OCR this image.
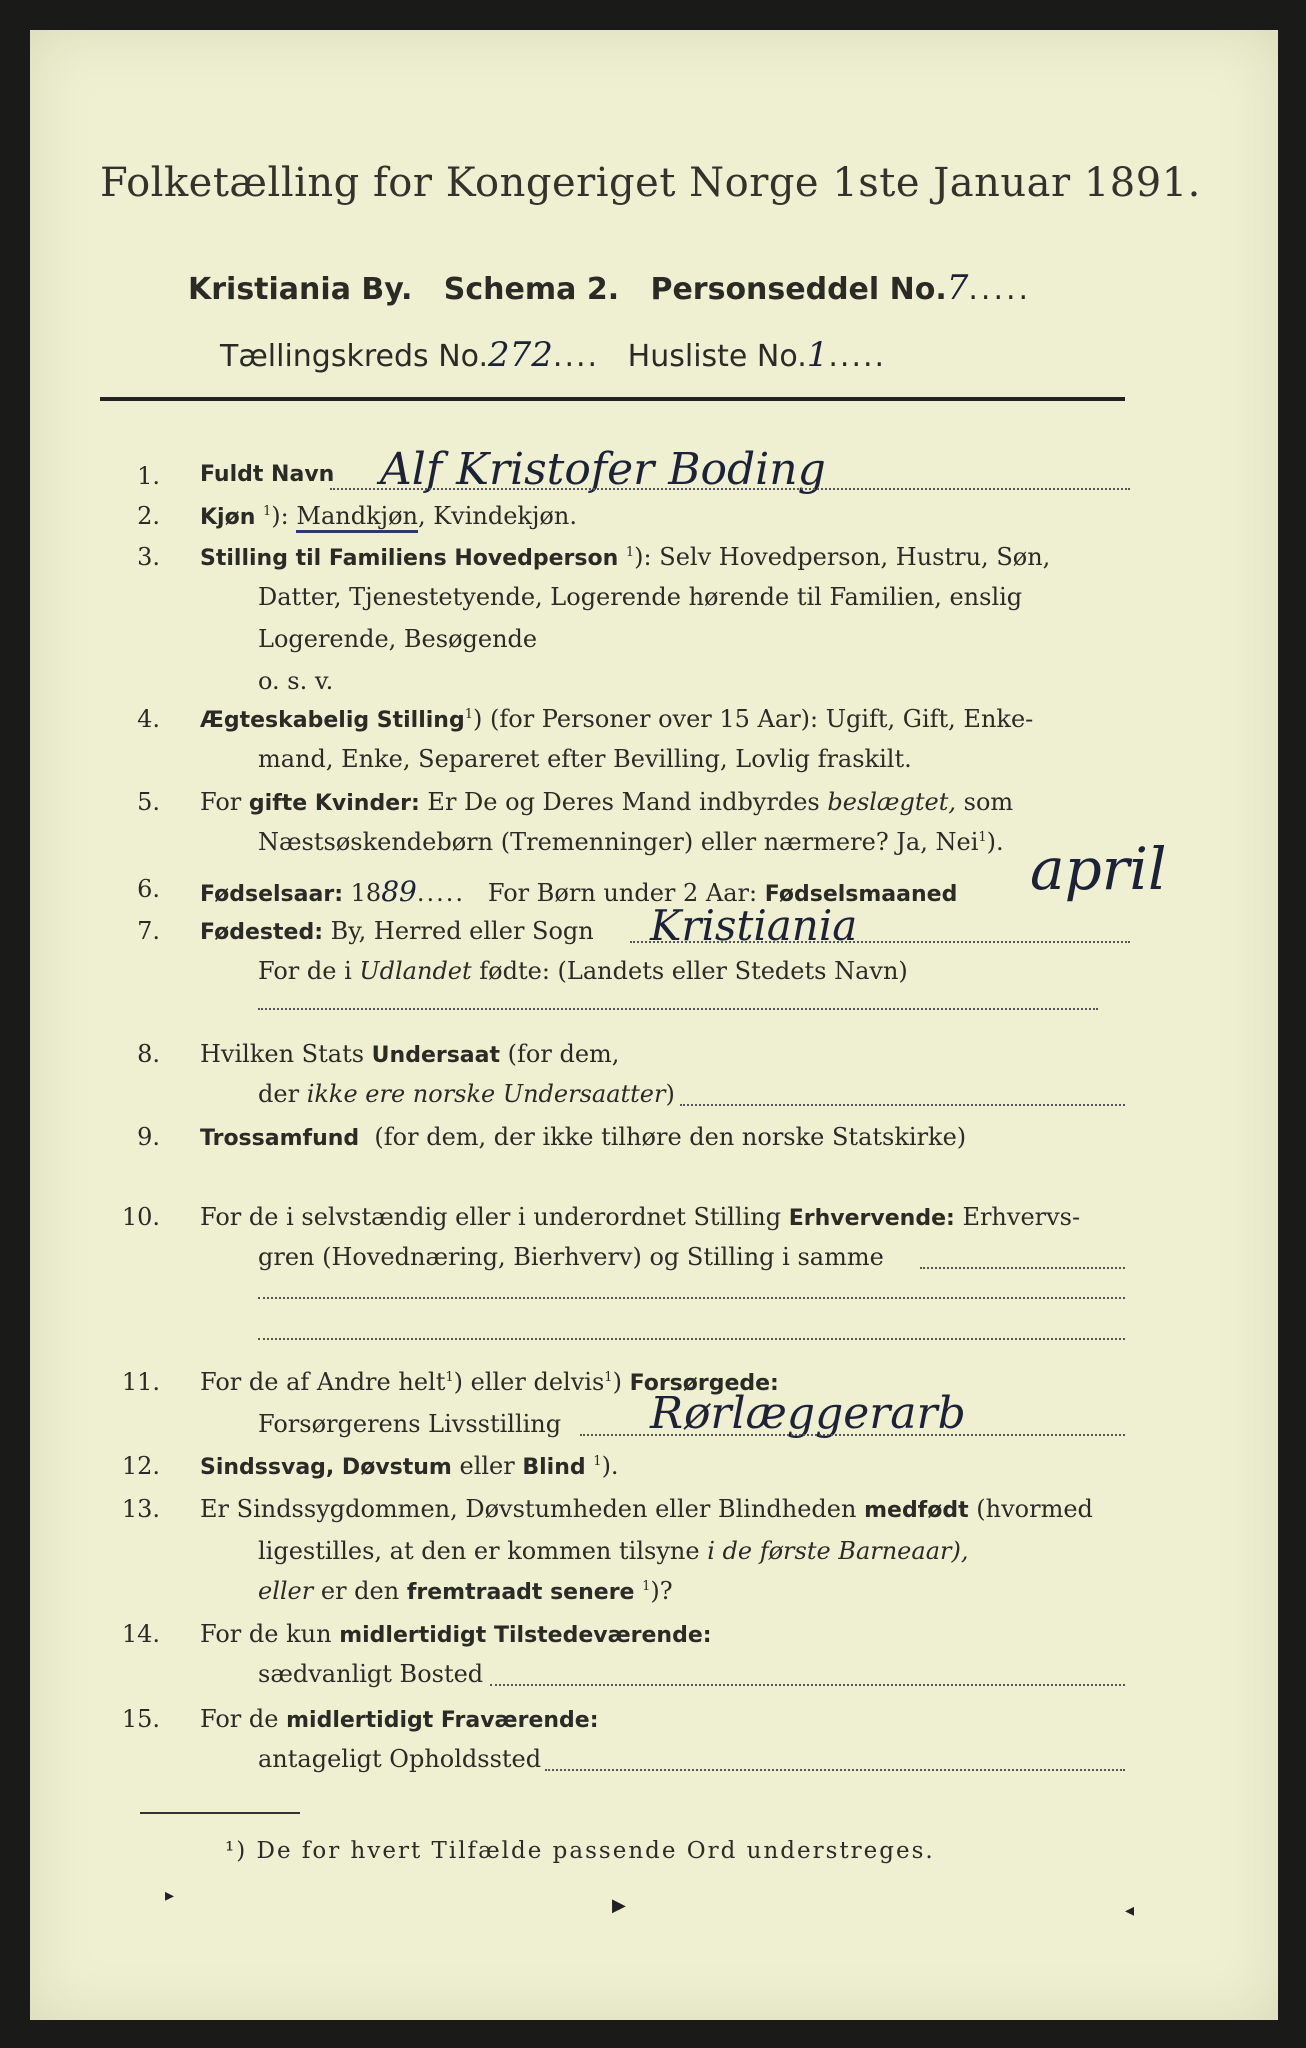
Folketælling for Kongeriget Norge 1ste Januar 1891.
Kristiania By. Schema 2. Personseddel No.7.....
Tællingskreds No.272.... Husliste No.1.....
1. Fuldt Navn Alf Kristofer Boding
2. Kjøn $^1$): Mandkjøn, Kvindekjøn.
3. Stilling til Familiens Hovedperson $^1$): Selv Hovedperson, Hustru, Søn,
Datter, Tjenestetyende, Logerende hørende til Familien, enslig
Logerende, Besøgende
o. s. v.
4. Ægteskabelig Stilling$^1$) (for Personer over 15 Aar): Ugift, Gift, Enke-
mand, Enke, Separeret efter Bevilling, Lovlig fraskilt.
5. For gifte Kvinder: Er De og Deres Mand indbyrdes beslægtet, som
Næstsøskendebørn (Tremenninger) eller nærmere? Ja, Nei$^1$).
6. Fødselsaar: 1889..... For Børn under 2 Aar: Fødselsmaaned april
7. Fødested: By, Herred eller Sogn Kristiania
For de i Udlandet fødte: (Landets eller Stedets Navn)
8. Hvilken Stats Undersaat (for dem,
der ikke ere norske Undersaatter)
9. Trossamfund (for dem, der ikke tilhøre den norske Statskirke)
10. For de i selvstændig eller i underordnet Stilling Erhvervende: Erhvervs-
gren (Hovednæring, Bierhverv) og Stilling i samme
11. For de af Andre helt$^1$) eller delvis$^1$) Forsørgede:
Forsørgerens Livsstilling Rørlæggerarb
12. Sindssvag, Døvstum eller Blind $^1$).
13. Er Sindssygdommen, Døvstumheden eller Blindheden medfødt (hvormed
ligestilles, at den er kommen tilsyne i de første Barneaar),
eller er den fremtraadt senere $^1$)?
14. For de kun midlertidigt Tilstedeværende:
sædvanligt Bosted
15. For de midlertidigt Fraværende:
antageligt Opholdssted
¹) De for hvert Tilfælde passende Ord understreges.
▸	▶	◂
